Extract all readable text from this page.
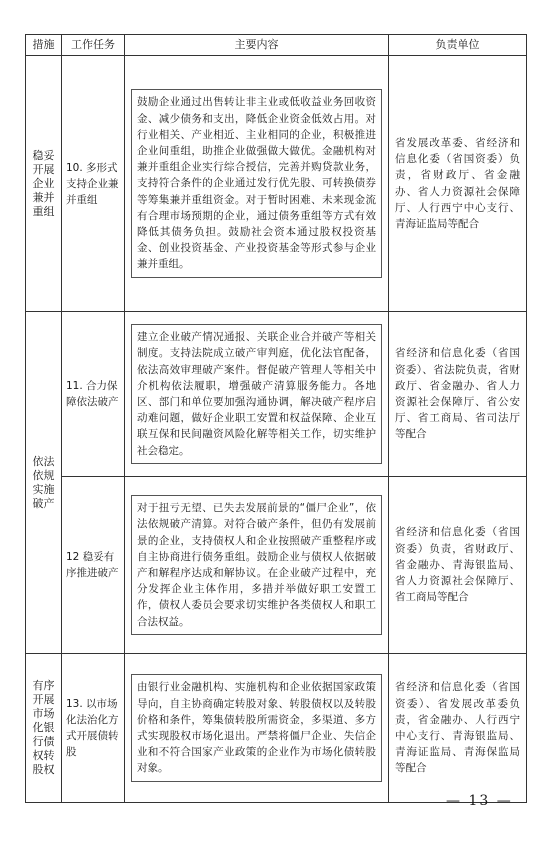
措施	工作任务	主要内容	负责单位
稳妥开展企业兼并重组	10. 多形式支持企业兼并重组	鼓励企业通过出售转让非主业或低收益业务回收资金、减少债务和支出，降低企业资金低效占用。对行业相关、产业相近、主业相同的企业，积极推进企业间重组，助推企业做强做大做优。金融机构对兼并重组企业实行综合授信，完善并购贷款业务，支持符合条件的企业通过发行优先股、可转换债券等筹集兼并重组资金。对于暂时困难、未来现金流有合理市场预期的企业，通过债务重组等方式有效降低其债务负担。鼓励社会资本通过股权投资基金、创业投资基金、产业投资基金等形式参与企业兼并重组。	省发展改革委、省经济和信息化委（省国资委）负责，省财政厅、省金融办、省人力资源社会保障厅、人行西宁中心支行、青海证监局等配合
依法依规实施破产	11. 合力保障依法破产	建立企业破产情况通报、关联企业合并破产等相关制度。支持法院成立破产审判庭，优化法官配备，依法高效审理破产案件。督促破产管理人等相关中介机构依法履职，增强破产清算服务能力。各地区、部门和单位要加强沟通协调，解决破产程序启动难问题，做好企业职工安置和权益保障、企业互联互保和民间融资风险化解等相关工作，切实维护社会稳定。	省经济和信息化委（省国资委）、省法院负责，省财政厅、省金融办、省人力资源社会保障厅、省公安厅、省工商局、省司法厅等配合
	12 稳妥有序推进破产	对于扭亏无望、已失去发展前景的“僵尸企业”，依法依规破产清算。对符合破产条件，但仍有发展前景的企业，支持债权人和企业按照破产重整程序或自主协商进行债务重组。鼓励企业与债权人依据破产和解程序达成和解协议。在企业破产过程中，充分发挥企业主体作用，多措并举做好职工安置工作，债权人委员会要求切实维护各类债权人和职工合法权益。	省经济和信息化委（省国资委）负责，省财政厅、省金融办、青海银监局、省人力资源社会保障厅、省工商局等配合
有序开展市场化银行债权转股权	13. 以市场化法治化方式开展债转股	由银行业金融机构、实施机构和企业依据国家政策导向，自主协商确定转股对象、转股债权以及转股价格和条件，筹集债转股所需资金，多渠道、多方式实现股权市场化退出。严禁将僵尸企业、失信企业和不符合国家产业政策的企业作为市场化债转股对象。	省经济和信息化委（省国资委）、省发展改革委负责，省金融办、人行西宁中心支行、青海银监局、青海证监局、青海保监局等配合
— 13 —
